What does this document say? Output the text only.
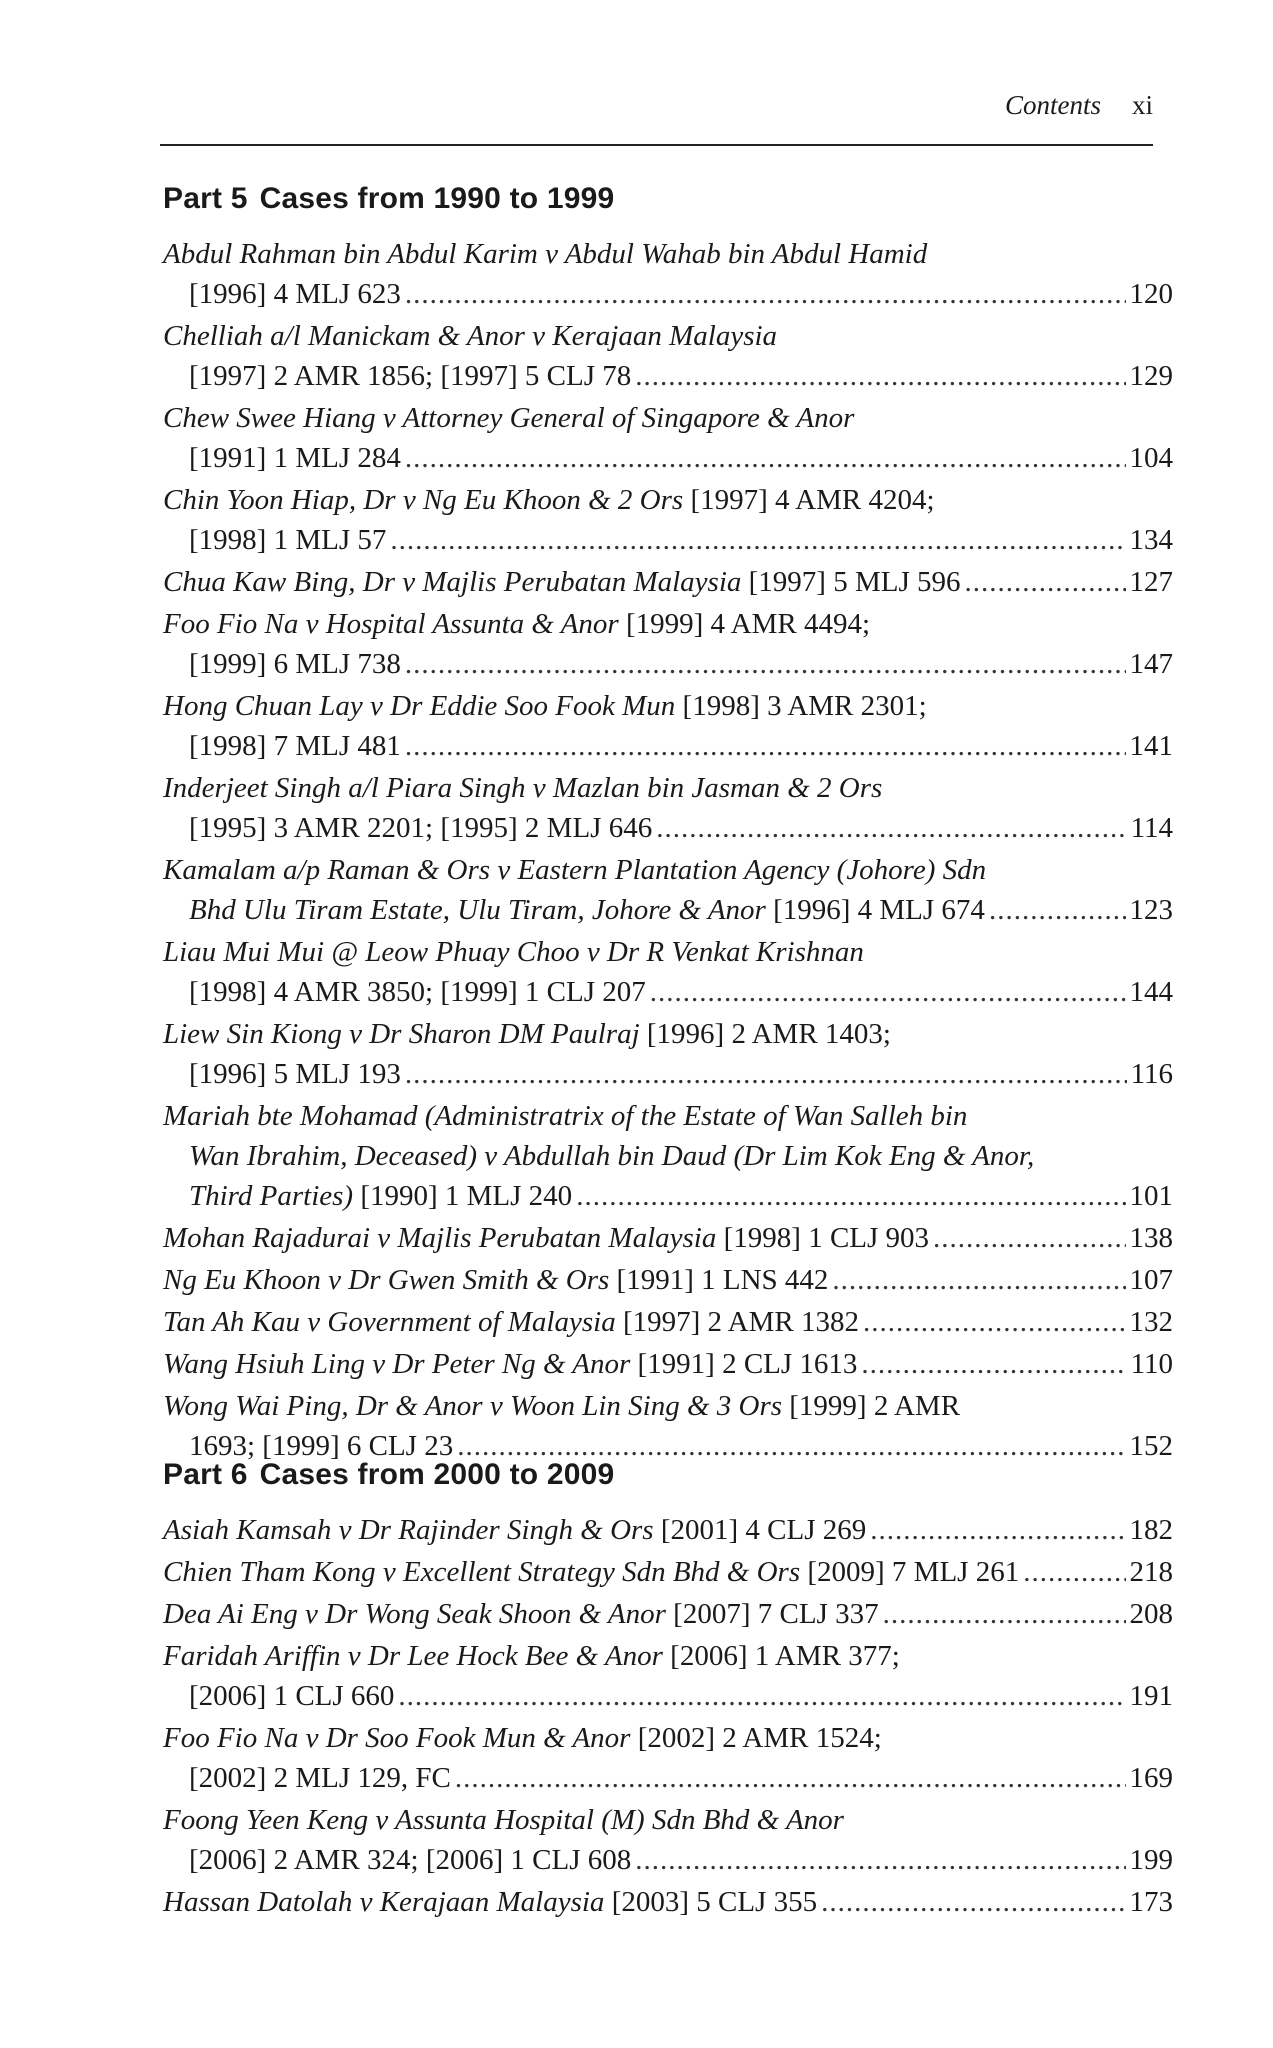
Contents xi
Part 5 Cases from 1990 to 1999
Abdul Rahman bin Abdul Karim v Abdul Wahab bin Abdul Hamid
[1996] 4 MLJ 623 .....	120
Chelliah a/l Manickam & Anor v Kerajaan Malaysia
[1997] 2 AMR 1856; [1997] 5 CLJ 78 .....	129
Chew Swee Hiang v Attorney General of Singapore & Anor
[1991] 1 MLJ 284 .....	104
Chin Yoon Hiap, Dr v Ng Eu Khoon & 2 Ors
[1997] 4 AMR 4204;
[1998] 1 MLJ 57 .....	134
Chua Kaw Bing, Dr v Majlis Perubatan Malaysia
[1997] 5 MLJ 596 .....	127
Foo Fio Na v Hospital Assunta & Anor
[1999] 4 AMR 4494;
[1999] 6 MLJ 738 .....	147
Hong Chuan Lay v Dr Eddie Soo Fook Mun
[1998] 3 AMR 2301;
[1998] 7 MLJ 481 .....	141
Inderjeet Singh a/l Piara Singh v Mazlan bin Jasman & 2 Ors
[1995] 3 AMR 2201; [1995] 2 MLJ 646 .....	114
Kamalam a/p Raman & Ors v Eastern Plantation Agency (Johore) Sdn
Bhd Ulu Tiram Estate, Ulu Tiram, Johore & Anor
[1996] 4 MLJ 674 .....	123
Liau Mui Mui @ Leow Phuay Choo v Dr R Venkat Krishnan
[1998] 4 AMR 3850; [1999] 1 CLJ 207 .....	144
Liew Sin Kiong v Dr Sharon DM Paulraj
[1996] 2 AMR 1403;
[1996] 5 MLJ 193 .....	116
Mariah bte Mohamad (Administratrix of the Estate of Wan Salleh bin
Wan Ibrahim, Deceased) v Abdullah bin Daud (Dr Lim Kok Eng & Anor,
Third Parties)
[1990] 1 MLJ 240 .....	101
Mohan Rajadurai v Majlis Perubatan Malaysia
[1998] 1 CLJ 903 .....	138
Ng Eu Khoon v Dr Gwen Smith & Ors
[1991] 1 LNS 442 .....	107
Tan Ah Kau v Government of Malaysia
[1997] 2 AMR 1382 .....	132
Wang Hsiuh Ling v Dr Peter Ng & Anor
[1991] 2 CLJ 1613 .....	110
Wong Wai Ping, Dr & Anor v Woon Lin Sing & 3 Ors
[1999] 2 AMR
1693; [1999] 6 CLJ 23 .....	152
Part 6 Cases from 2000 to 2009
Asiah Kamsah v Dr Rajinder Singh & Ors
[2001] 4 CLJ 269 .....	182
Chien Tham Kong v Excellent Strategy Sdn Bhd & Ors
[2009] 7 MLJ 261 .....	218
Dea Ai Eng v Dr Wong Seak Shoon & Anor
[2007] 7 CLJ 337 .....	208
Faridah Ariffin v Dr Lee Hock Bee & Anor
[2006] 1 AMR 377;
[2006] 1 CLJ 660 .....	191
Foo Fio Na v Dr Soo Fook Mun & Anor
[2002] 2 AMR 1524;
[2002] 2 MLJ 129, FC .....	169
Foong Yeen Keng v Assunta Hospital (M) Sdn Bhd & Anor
[2006] 2 AMR 324; [2006] 1 CLJ 608 .....	199
Hassan Datolah v Kerajaan Malaysia
[2003] 5 CLJ 355 .....	173
